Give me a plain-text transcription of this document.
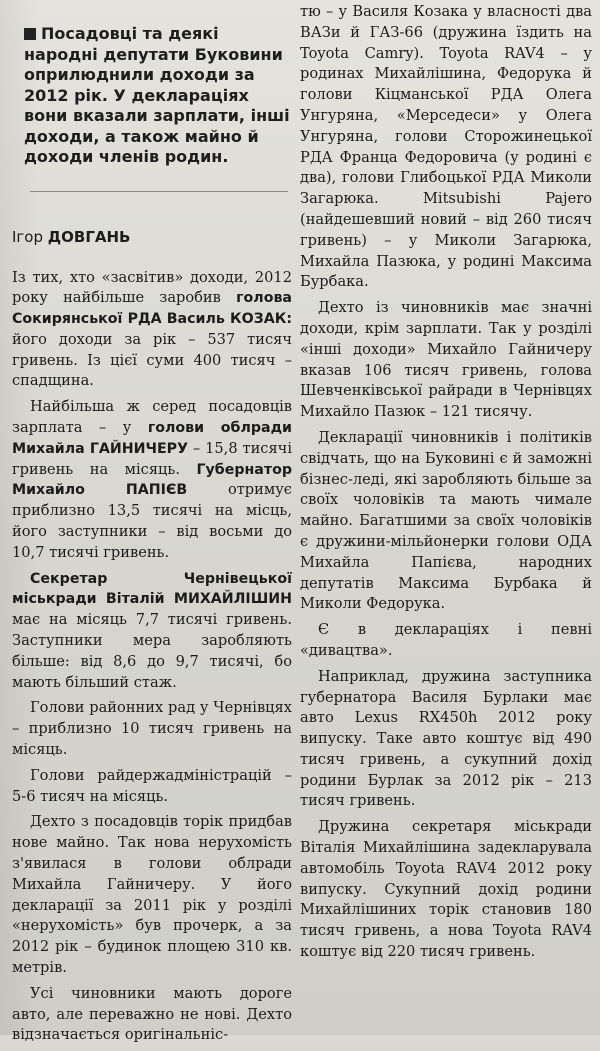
Посадовці та деякі народні депутати Буковини оприлюднили доходи за 2012 рік. У деклараціях вони вказали зарплати, інші доходи, а також майно й доходи членів родин.
Ігор ДОВГАНЬ

Із тих, хто «засвітив» доходи, 2012 року найбільше заробив голова Сокирянської РДА Василь КОЗАК: його доходи за рік – 537 тисяч гривень. Із цієї суми 400 тисяч – спадщина.

Найбільша ж серед посадовців зарплата – у голови облради Михайла ГАЙНИЧЕРУ – 15,8 тисячі гривень на місяць. Губернатор Михайло ПАПІЄВ отримує приблизно 13,5 тисячі на місць, його заступники – від восьми до 10,7 тисячі гривень.

Секретар Чернівецької міськради Віталій МИХАЙЛІШИН має на місяць 7,7 тисячі гривень. Заступники мера заробляють більше: від 8,6 до 9,7 тисячі, бо мають більший стаж.

Голови районних рад у Чернівцях – приблизно 10 тисяч гривень на місяць.

Голови райдержадміністрацій – 5-6 тисяч на місяць.

Дехто з посадовців торік придбав нове майно. Так нова нерухомість з'явилася в голови облради Михайла Гайничеру. У його декларації за 2011 рік у розділі «нерухомість» був прочерк, а за 2012 рік – будинок площею 310 кв. метрів.

Усі чиновники мають дороге авто, але переважно не нові. Дехто відзначається оригінальніс-

тю – у Василя Козака у власності два ВАЗи й ГАЗ-66 (дружина їздить на Toyota Camry). Toyota RAV4 – у родинах Михайлішина, Федорука й голови Кіцманської РДА Олега Унгуряна, «Мерседеси» у Олега Унгуряна, голови Сторожинецької РДА Франца Федоровича (у родині є два), голови Глибоцької РДА Миколи Загарюка. Mitsubishi Pajero (найдешевший новий – від 260 тисяч гривень) – у Миколи Загарюка, Михайла Пазюка, у родині Максима Бурбака.

Дехто із чиновників має значні доходи, крім зарплати. Так у розділі «інші доходи» Михайло Гайничеру вказав 106 тисяч гривень, голова Шевченківської райради в Чернівцях Михайло Пазюк – 121 тисячу.

Декларації чиновників і політиків свідчать, що на Буковині є й заможні бізнес-леді, які заробляють більше за своїх чоловіків та мають чимале майно. Багатшими за своїх чоловіків є дружини-мільйонерки голови ОДА Михайла Папієва, народних депутатів Максима Бурбака й Миколи Федорука.

Є в деклараціях і певні «дивацтва».

Наприклад, дружина заступника губернатора Василя Бурлаки має авто Lexus RX450h 2012 року випуску. Таке авто коштує від 490 тисяч гривень, а сукупний дохід родини Бурлак за 2012 рік – 213 тисяч гривень.

Дружина секретаря міськради Віталія Михайлішина задекларувала автомобіль Toyota RAV4 2012 року випуску. Сукупний дохід родини Михайлішиних торік становив 180 тисяч гривень, а нова Toyota RAV4 коштує від 220 тисяч гривень.
